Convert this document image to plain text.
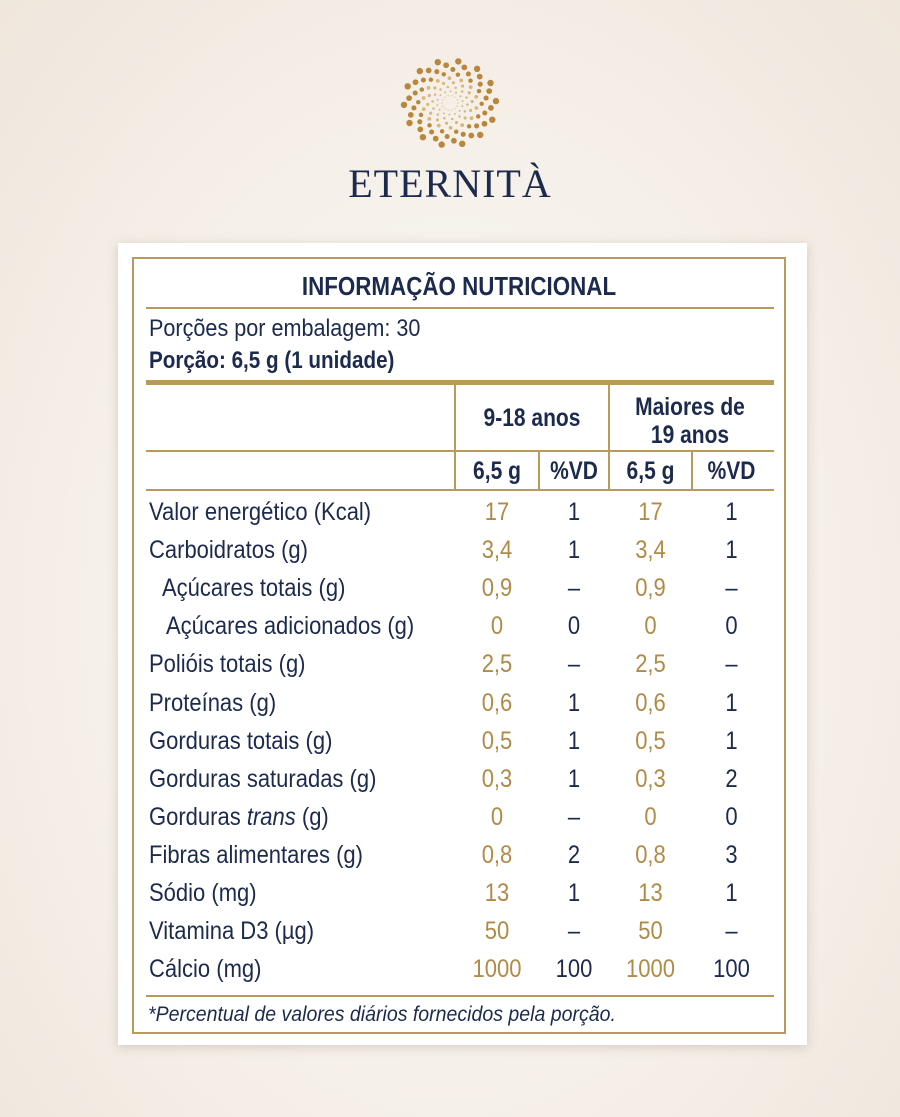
ETERNITÀ
INFORMAÇÃO NUTRICIONAL
Porções por embalagem: 30
Porção: 6,5 g (1 unidade)
9-18 anos	Maiores de 19 anos
6,5 g	%VD	6,5 g	%VD
Valor energético (Kcal)	17	1	17	1
Carboidratos (g)	3,4	1	3,4	1
Açúcares totais (g)	0,9	–	0,9	–
Açúcares adicionados (g)	0	0	0	0
Polióis totais (g)	2,5	–	2,5	–
Proteínas (g)	0,6	1	0,6	1
Gorduras totais (g)	0,5	1	0,5	1
Gorduras saturadas (g)	0,3	1	0,3	2
Gorduras trans (g)	0	–	0	0
Fibras alimentares (g)	0,8	2	0,8	3
Sódio (mg)	13	1	13	1
Vitamina D3 (µg)	50	–	50	–
Cálcio (mg)	1000	100	1000	100
*Percentual de valores diários fornecidos pela porção.
